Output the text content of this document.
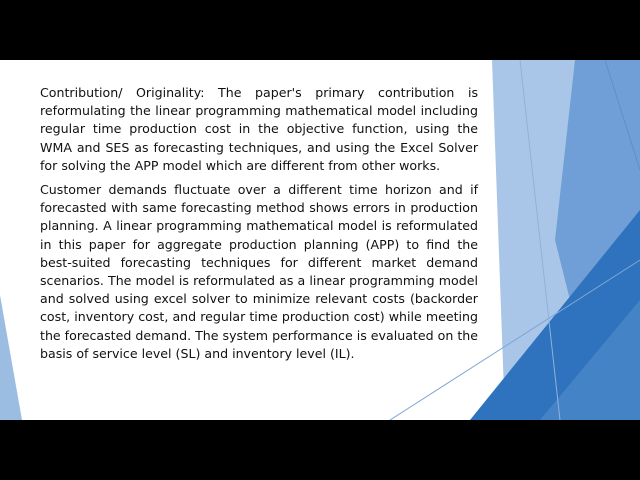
Contribution/ Originality: The paper's primary contribution is reformulating the linear programming mathematical model including regular time production cost in the objective function, using the WMA and SES as forecasting techniques, and using the Excel Solver for solving the APP model which are different from other works.

Customer demands fluctuate over a different time horizon and if forecasted with same forecasting method shows errors in production planning. A linear programming mathematical model is reformulated in this paper for aggregate production planning (APP) to find the best-suited forecasting techniques for different market demand scenarios. The model is reformulated as a linear programming model and solved using excel solver to minimize relevant costs (backorder cost, inventory cost, and regular time production cost) while meeting the forecasted demand. The system performance is evaluated on the basis of service level (SL) and inventory level (IL).
